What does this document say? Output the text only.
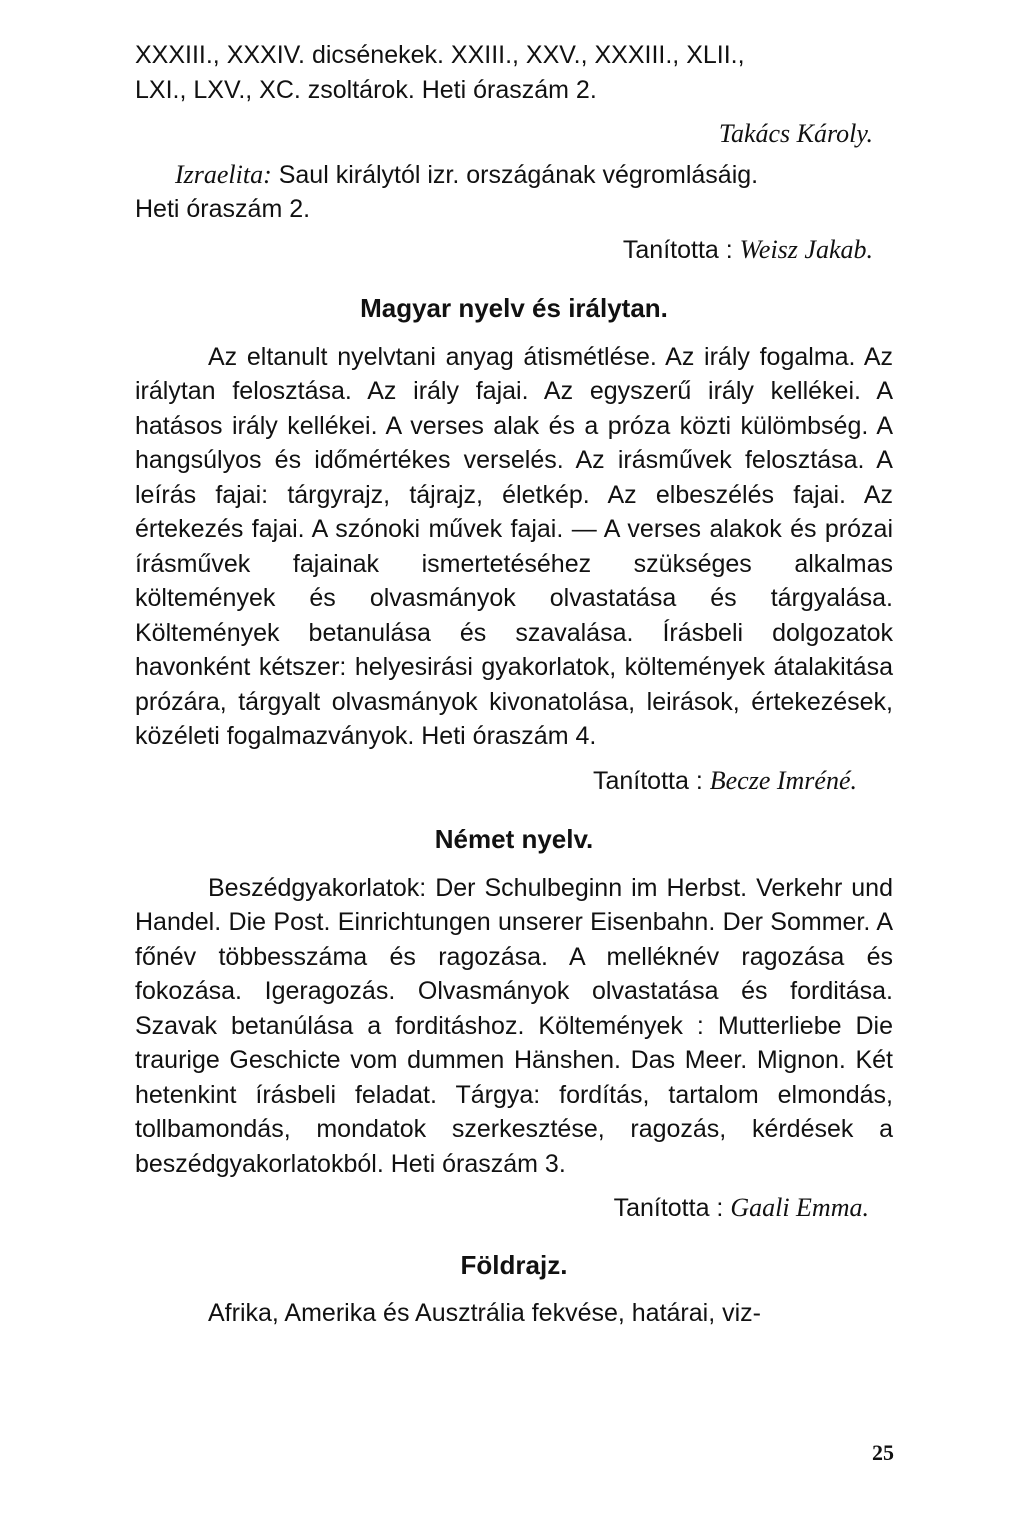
XXXIII., XXXIV. dicsénekek. XXIII., XXV., XXXIII., XLII.,
LXI., LXV., XC. zsoltárok. Heti óraszám 2.

Takács Károly.

Izraelita: Saul királytól izr. országának végromlásáig.

Heti óraszám 2.

Tanította : Weisz Jakab.

Magyar nyelv és irálytan.

Az eltanult nyelvtani anyag átismétlése. Az irály fogalma. Az irálytan felosztása. Az irály fajai. Az egyszerű irály kellékei. A hatásos irály kellékei. A verses alak és a próza közti külömbség. A hangsúlyos és időmértékes verselés. Az irásművek felosztása. A leírás fajai: tárgyrajz, tájrajz, életkép. Az elbeszélés fajai. Az értekezés fajai. A szónoki művek fajai. — A verses alakok és prózai írásművek fajainak ismertetéséhez szükséges alkalmas költemények és olvasmányok olvastatása és tárgyalása. Költemények betanulása és szavalása. Írásbeli dolgozatok havonként kétszer: helyesirási gyakorlatok, költemények átalakitása prózára, tárgyalt olvasmányok kivonatolása, leirások, értekezések, közéleti fogalmazványok. Heti óraszám 4.

Tanította : Becze Imréné.

Német nyelv.

Beszédgyakorlatok: Der Schulbeginn im Herbst. Verkehr und Handel. Die Post. Einrichtungen unserer Eisenbahn. Der Sommer. A főnév többesszáma és ragozása. A melléknév ragozása és fokozása. Igeragozás. Olvasmányok olvastatása és forditása. Szavak betanúlása a forditáshoz. Költemények : Mutterliebe Die traurige Geschicte vom dummen Hänshen. Das Meer. Mignon. Két hetenkint írásbeli feladat. Tárgya: fordítás, tartalom elmondás, tollbamondás, mondatok szerkesztése, ragozás, kérdések a beszédgyakorlatokból. Heti óraszám 3.

Tanította : Gaali Emma.

Földrajz.

Afrika, Amerika és Ausztrália fekvése, határai, viz-

25
